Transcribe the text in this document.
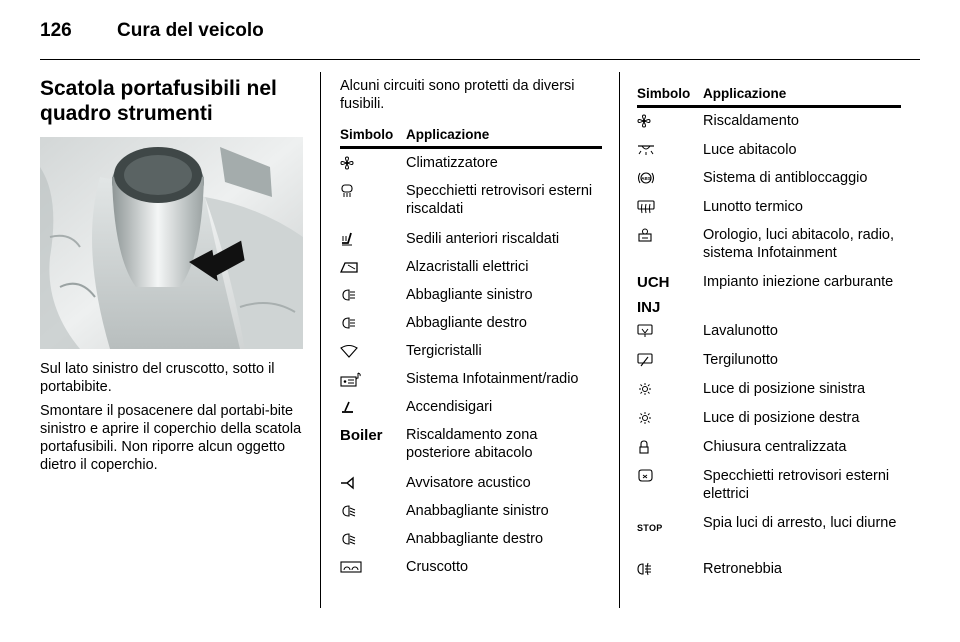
126 Cura del veicolo
Scatola portafusibili nel quadro strumenti

Sul lato sinistro del cruscotto, sotto il portabibite.

Smontare il posacenere dal portabi-bite sinistro e aprire il coperchio della scatola portafusibili. Non riporre alcun oggetto dietro il coperchio.

Alcuni circuiti sono protetti da diversi fusibili.
Simbolo Applicazione
Climatizzatore
Specchietti retrovisori esterni riscaldati
Sedili anteriori riscaldati
Alzacristalli elettrici
Abbagliante sinistro
Abbagliante destro
Tergicristalli
Sistema Infotainment/radio
Accendisigari
Boiler Riscaldamento zona posteriore abitacolo
Avvisatore acustico
Anabbagliante sinistro
Anabbagliante destro
Cruscotto
Simbolo Applicazione
Riscaldamento
Luce abitacolo
ABS	Sistema di antibloccaggio
Lunotto termico
Orologio, luci abitacolo, radio, sistema Infotainment
UCH
INJ
Impianto iniezione carburante
Lavalunotto
Tergilunotto
Luce di posizione sinistra
Luce di posizione destra
Chiusura centralizzata
Specchietti retrovisori esterni elettrici
STOP	Spia luci di arresto, luci diurne
Retronebbia
